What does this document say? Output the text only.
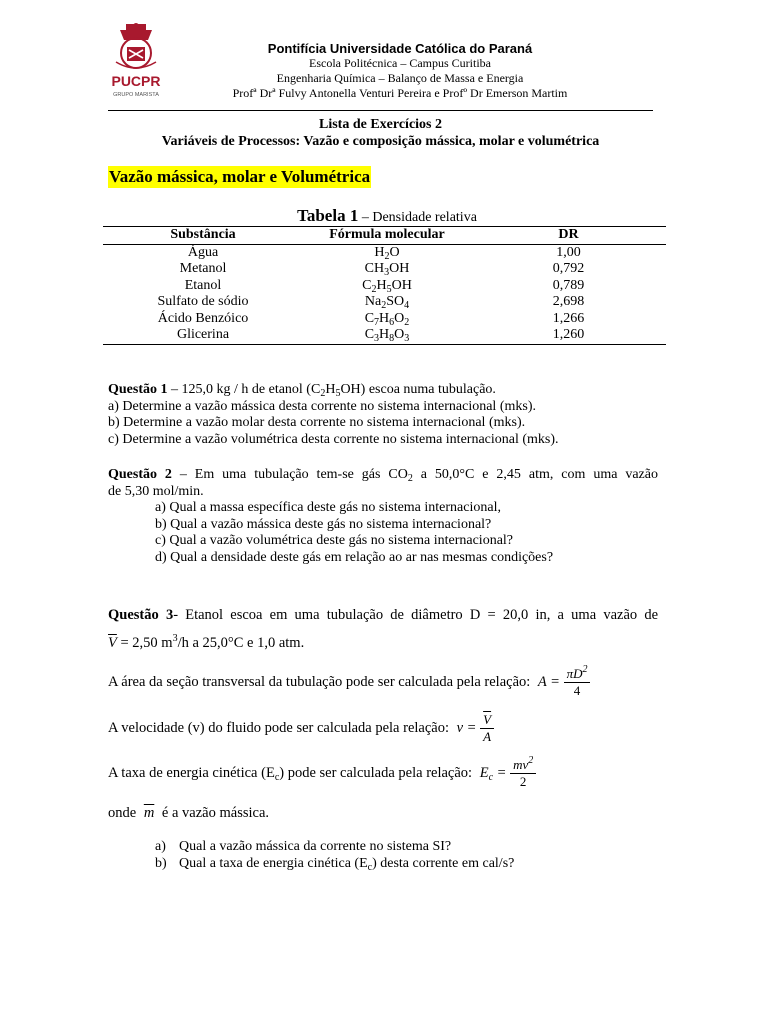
PUCPR
GRUPO MARISTA
Pontifícia Universidade Católica do Paraná
Escola Politécnica – Campus Curitiba
Engenharia Química – Balanço de Massa e Energia
Profª Drª Fulvy Antonella Venturi Pereira e Profº Dr Emerson Martim
Lista de Exercícios 2
Variáveis de Processos: Vazão e composição mássica, molar e volumétrica
Vazão mássica, molar e Volumétrica
Tabela 1 – Densidade relativa
Substância	Fórmula molecular	DR
Água	$H_2O$	1,00
Metanol	$CH_3OH$	0,792
Etanol	$C_2H_5OH$	0,789
Sulfato de sódio	$Na_2SO_4$	2,698
Ácido Benzóico	$C_7H_6O_2$	1,266
Glicerina	$C_3H_8O_3$	1,260
Questão 1 – 125,0 kg / h de etanol $(C_2H_5OH)$ escoa numa tubulação.
a) Determine a vazão mássica desta corrente no sistema internacional (mks).
b) Determine a vazão molar desta corrente no sistema internacional (mks).
c) Determine a vazão volumétrica desta corrente no sistema internacional (mks).
Questão 2 – Em uma tubulação tem-se gás $CO_2$ a 50,0°C e 2,45 atm, com uma vazão
de 5,30 mol/min.
a) Qual a massa específica deste gás no sistema internacional,
b) Qual a vazão mássica deste gás no sistema internacional?
c) Qual a vazão volumétrica deste gás no sistema internacional?
d) Qual a densidade deste gás em relação ao ar nas mesmas condições?
Questão 3- Etanol escoa em uma tubulação de diâmetro D = 20,0 in, a uma vazão de
$\overline{V} = 2,50$ $m^3/h$ a 25,0°C e 1,0 atm.
A área da seção transversal da tubulação pode ser calculada pela relação: $A = \frac{\pi D^2}{4}$
A velocidade (v) do fluido pode ser calculada pela relação: $v = \frac{\overline{V}}{A}$
A taxa de energia cinética $(E_c)$ pode ser calculada pela relação: $E_c = \frac{mv^2}{2}$
onde $\overline{m}$ é a vazão mássica.
a) Qual a vazão mássica da corrente no sistema SI?
b) Qual a taxa de energia cinética $(E_c)$ desta corrente em cal/s?
